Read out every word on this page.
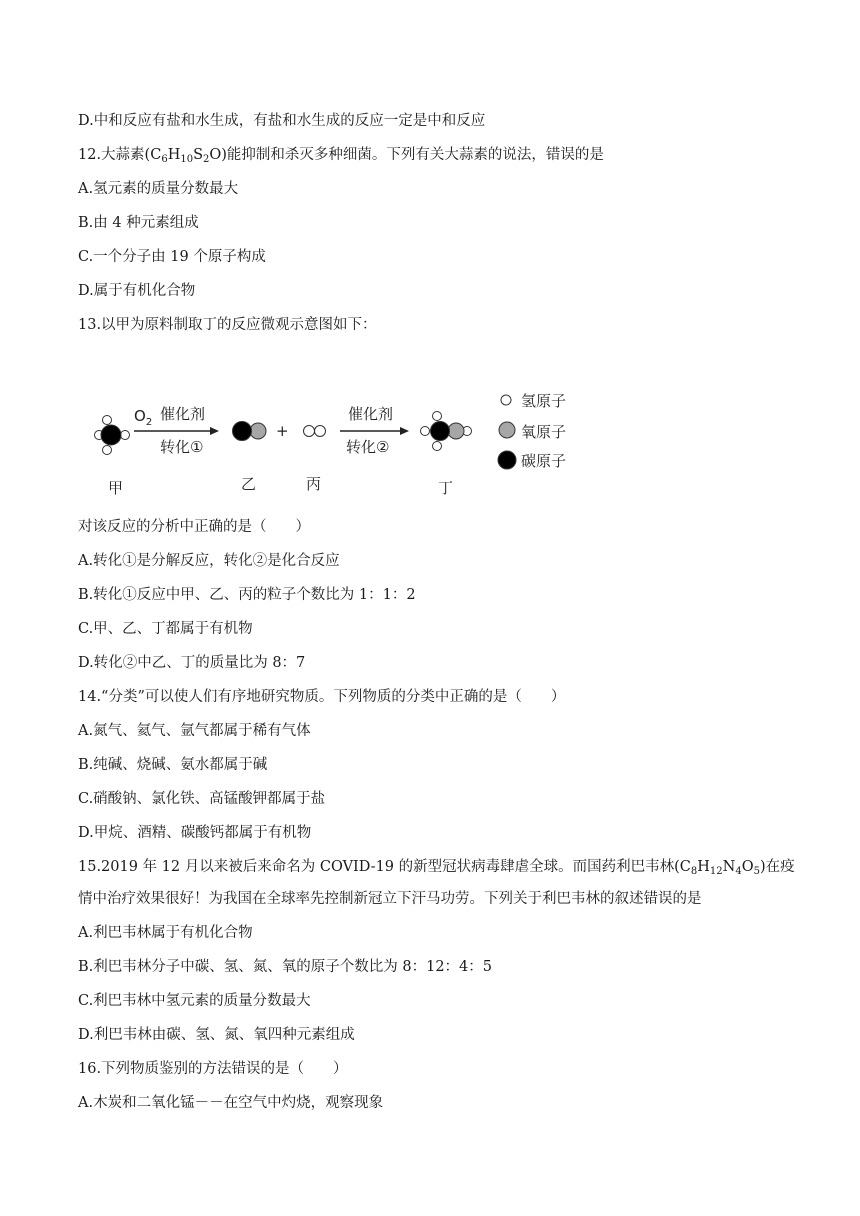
D.中和反应有盐和水生成，有盐和水生成的反应一定是中和反应
12.大蒜素$(C_6H_{10}S_2O)$能抑制和杀灭多种细菌。下列有关大蒜素的说法，错误的是
A.氢元素的质量分数最大
B.由 4 种元素组成
C.一个分子由 19 个原子构成
D.属于有机化合物
13.以甲为原料制取丁的反应微观示意图如下：
$O_2$ 催化剂
转化①
+
催化剂
转化②
甲	乙	丙	丁
氢原子
氧原子
碳原子
对该反应的分析中正确的是（　　）
A.转化①是分解反应，转化②是化合反应
B.转化①反应中甲、乙、丙的粒子个数比为 1：1：2
C.甲、乙、丁都属于有机物
D.转化②中乙、丁的质量比为 8：7
14.“分类”可以使人们有序地研究物质。下列物质的分类中正确的是（　　）
A.氮气、氦气、氩气都属于稀有气体
B.纯碱、烧碱、氨水都属于碱
C.硝酸钠、氯化铁、高锰酸钾都属于盐
D.甲烷、酒精、碳酸钙都属于有机物
15.2019 年 12 月以来被后来命名为 COVID-19 的新型冠状病毒肆虐全球。而国药利巴韦林$(C_8H_{12}N_4O_5)$在疫
情中治疗效果很好！为我国在全球率先控制新冠立下汗马功劳。下列关于利巴韦林的叙述错误的是
A.利巴韦林属于有机化合物
B.利巴韦林分子中碳、氢、氮、氧的原子个数比为 8：12：4：5
C.利巴韦林中氢元素的质量分数最大
D.利巴韦林由碳、氢、氮、氧四种元素组成
16.下列物质鉴别的方法错误的是（　　）
A.木炭和二氧化锰－－在空气中灼烧，观察现象
